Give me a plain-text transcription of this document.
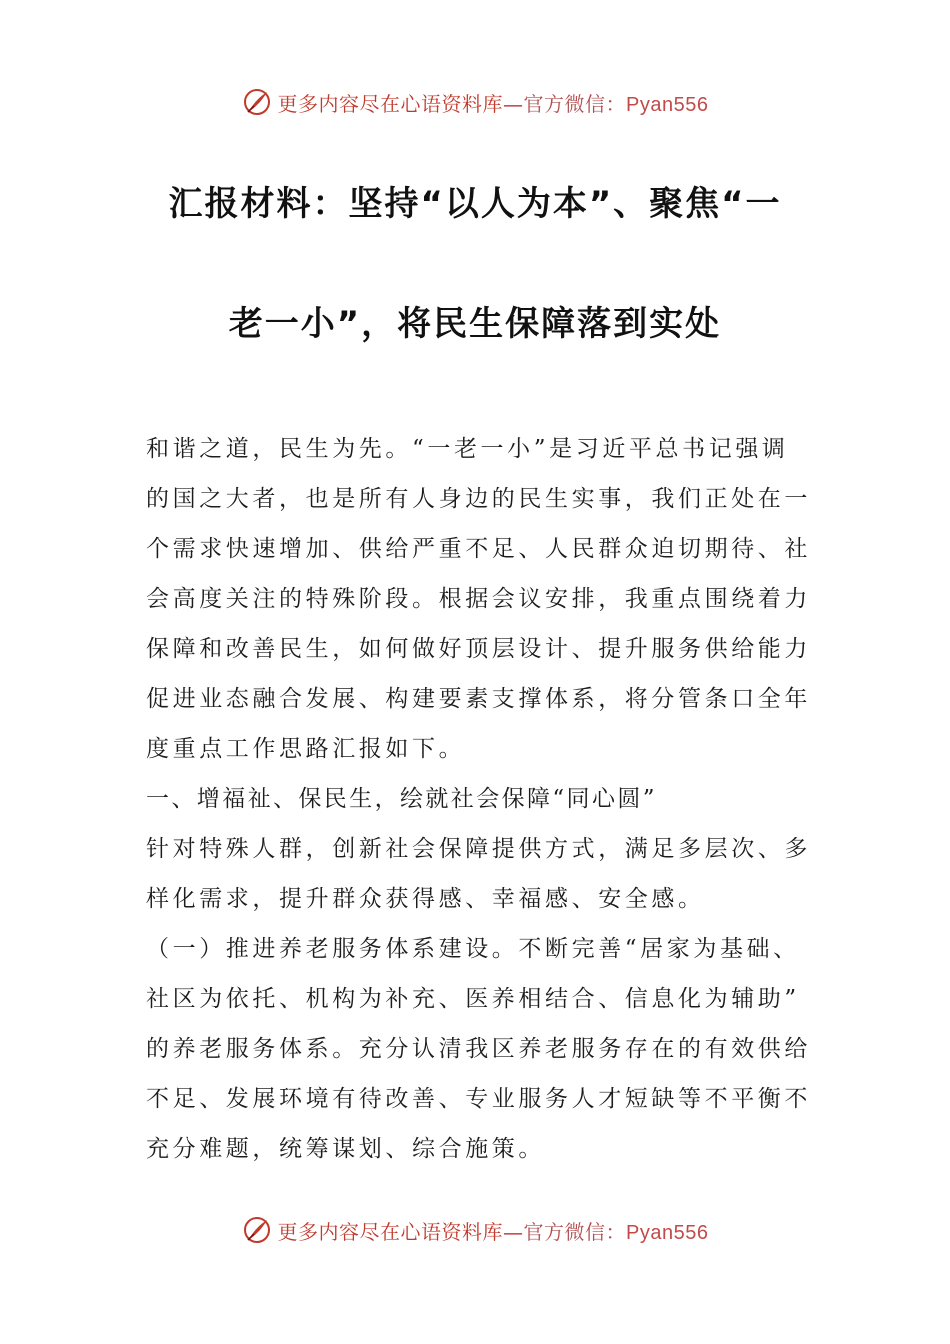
更多内容尽在心语资料库—官方微信：Pyan556
汇报材料：坚持“以人为本”、聚焦“一
老一小”，将民生保障落到实处
和谐之道，民生为先。“一老一小”是习近平总书记强调
的国之大者，也是所有人身边的民生实事，我们正处在一
个需求快速增加、供给严重不足、人民群众迫切期待、社
会高度关注的特殊阶段。根据会议安排，我重点围绕着力
保障和改善民生，如何做好顶层设计、提升服务供给能力
促进业态融合发展、构建要素支撑体系，将分管条口全年
度重点工作思路汇报如下。
一、增福祉、保民生，绘就社会保障“同心圆”
针对特殊人群，创新社会保障提供方式，满足多层次、多
样化需求，提升群众获得感、幸福感、安全感。
（一）推进养老服务体系建设。不断完善“居家为基础、
社区为依托、机构为补充、医养相结合、信息化为辅助”
的养老服务体系。充分认清我区养老服务存在的有效供给
不足、发展环境有待改善、专业服务人才短缺等不平衡不
充分难题，统筹谋划、综合施策。
更多内容尽在心语资料库—官方微信：Pyan556
